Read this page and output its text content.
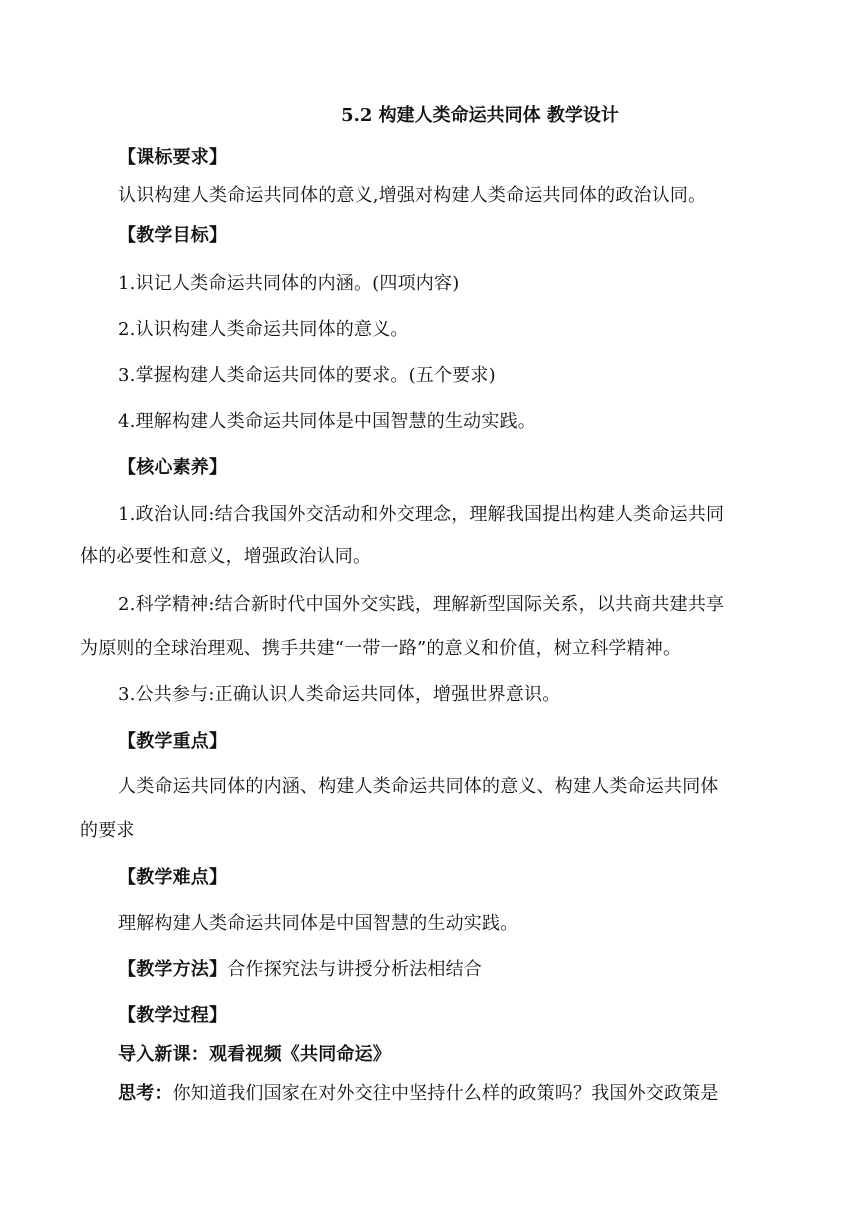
5.2 构建人类命运共同体 教学设计
【课标要求】
认识构建人类命运共同体的意义,增强对构建人类命运共同体的政治认同。
【教学目标】
1.识记人类命运共同体的内涵。(四项内容)
2.认识构建人类命运共同体的意义。
3.掌握构建人类命运共同体的要求。(五个要求)
4.理解构建人类命运共同体是中国智慧的生动实践。
【核心素养】
1.政治认同:结合我国外交活动和外交理念，理解我国提出构建人类命运共同
体的必要性和意义，增强政治认同。
2.科学精神:结合新时代中国外交实践，理解新型国际关系，以共商共建共享
为原则的全球治理观、携手共建“一带一路”的意义和价值，树立科学精神。
3.公共参与:正确认识人类命运共同体，增强世界意识。
【教学重点】
人类命运共同体的内涵、构建人类命运共同体的意义、构建人类命运共同体
的要求
【教学难点】
理解构建人类命运共同体是中国智慧的生动实践。
【教学方法】合作探究法与讲授分析法相结合
【教学过程】
导入新课：观看视频《共同命运》
思考：你知道我们国家在对外交往中坚持什么样的政策吗？我国外交政策是
